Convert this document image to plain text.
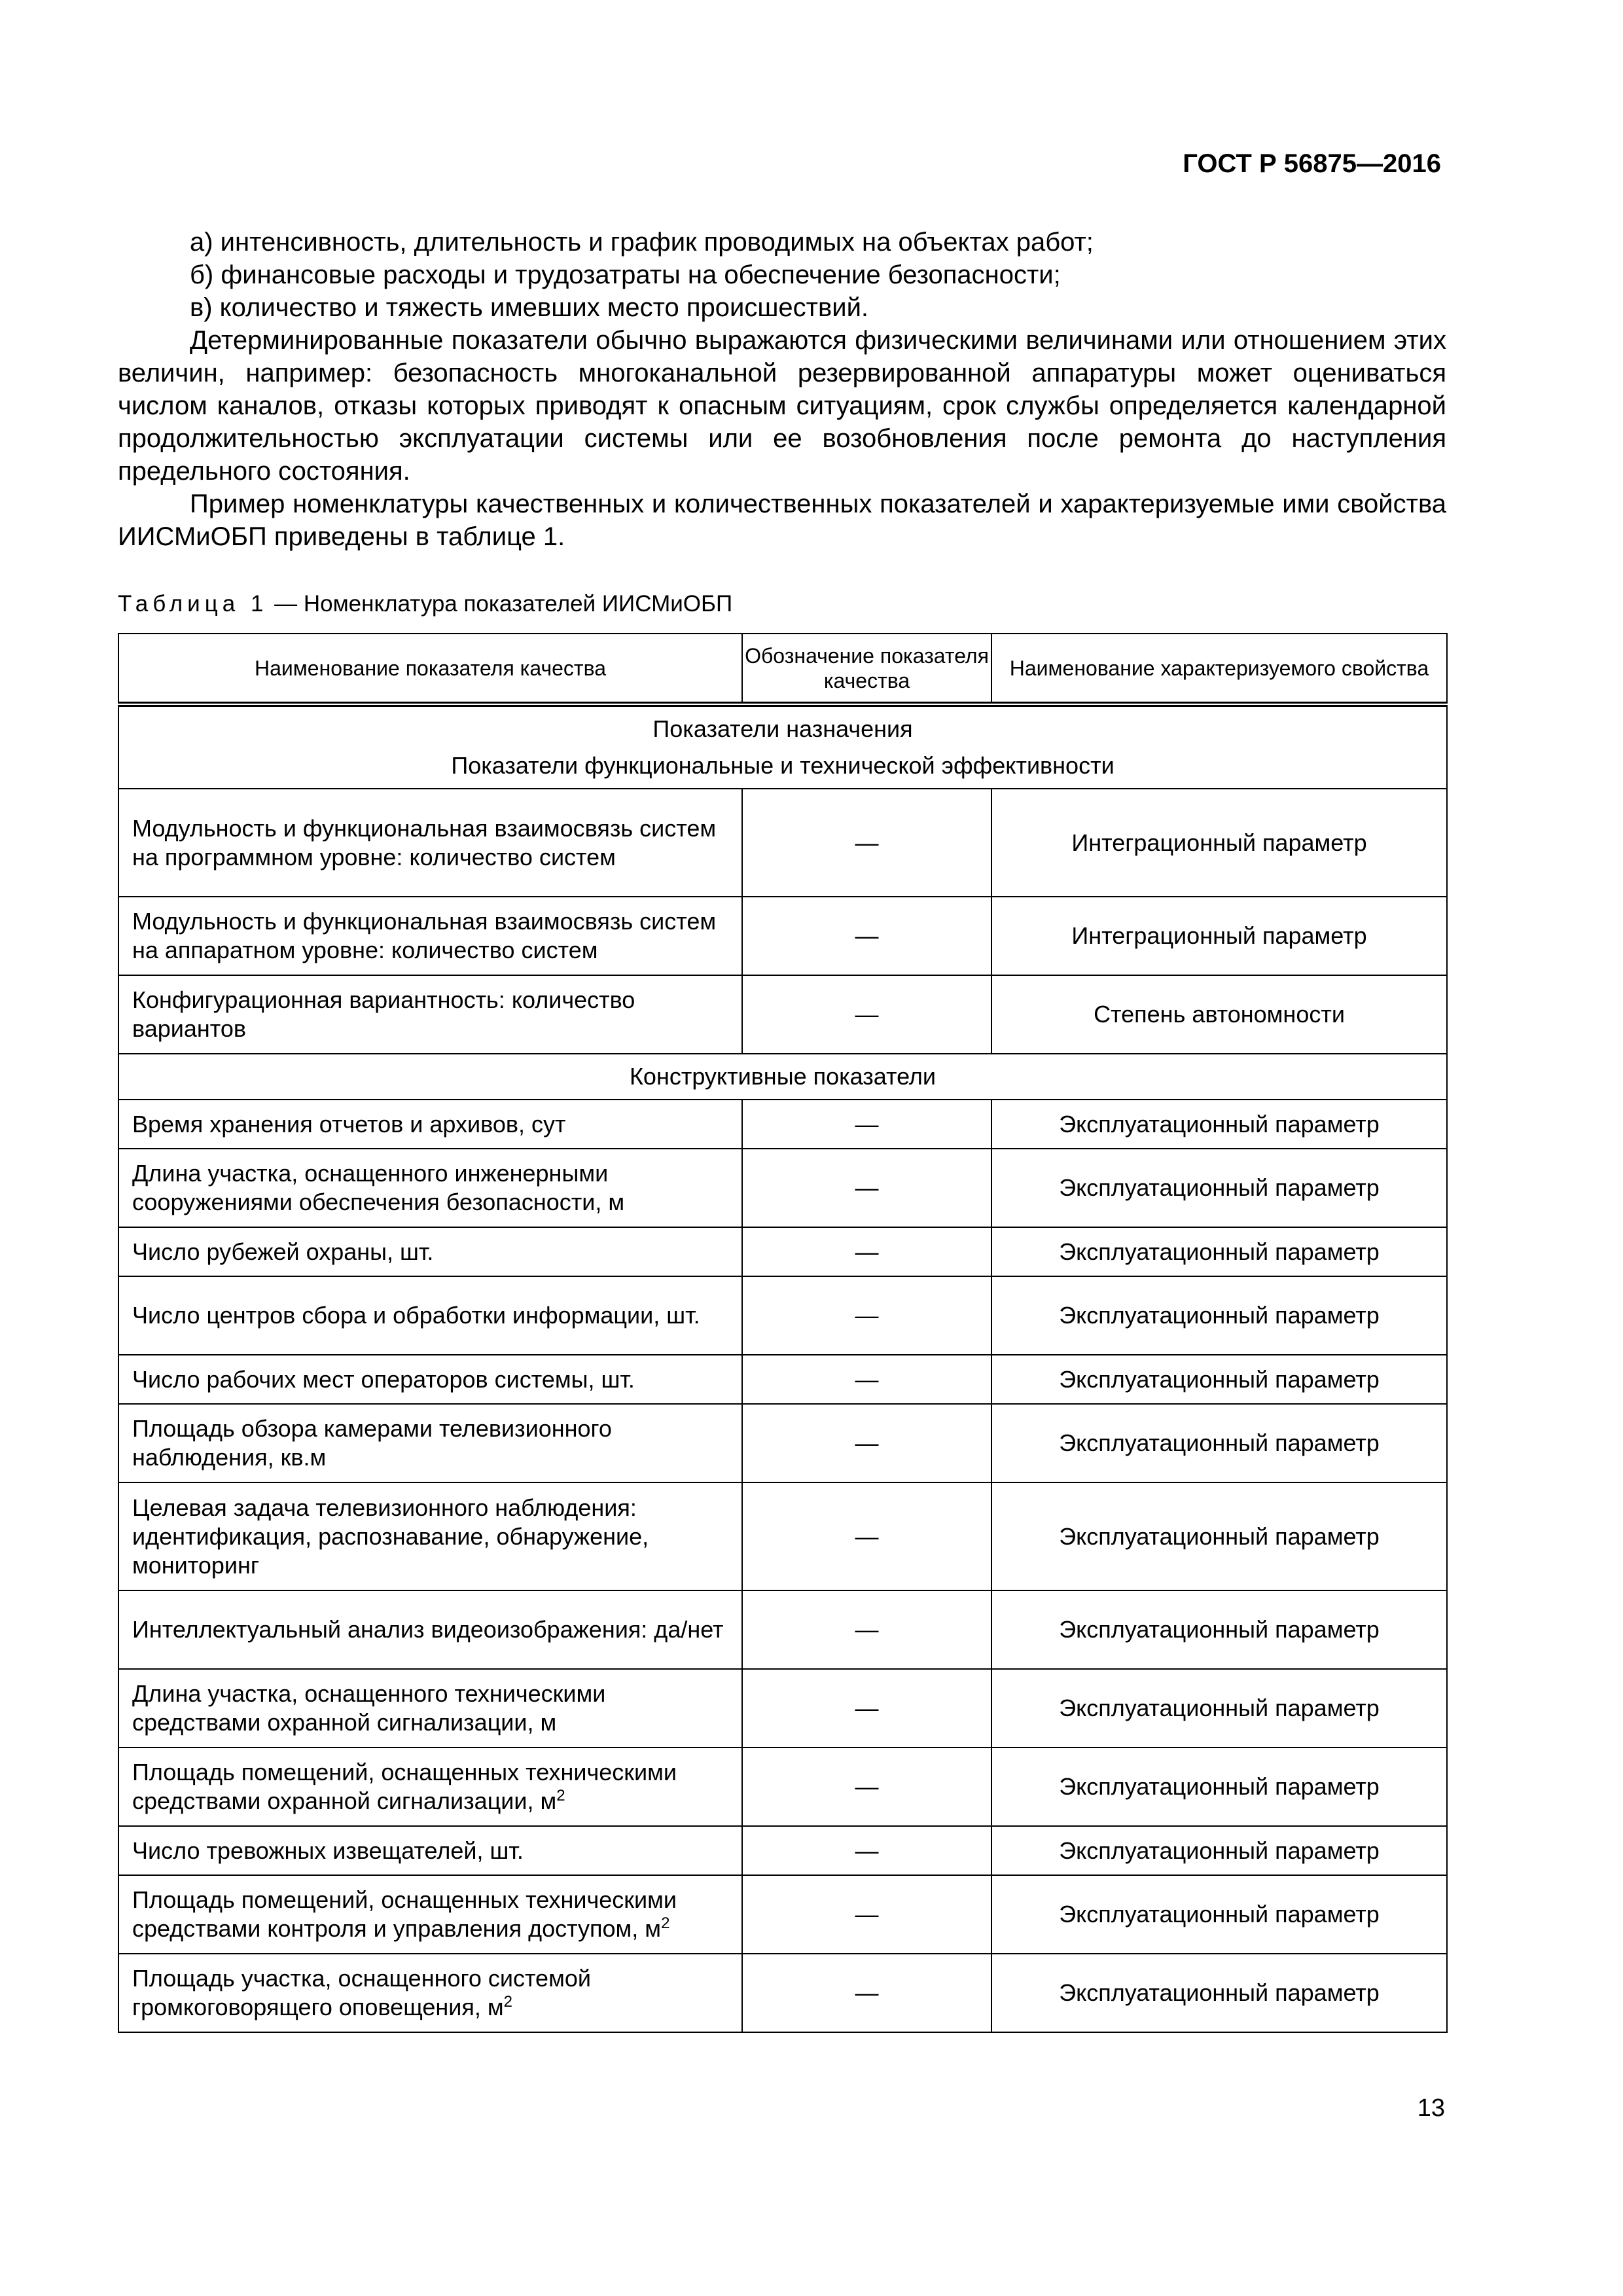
ГОСТ Р 56875—2016

а) интенсивность, длительность и график проводимых на объектах работ;

б) финансовые расходы и трудозатраты на обеспечение безопасности;

в) количество и тяжесть имевших место происшествий.

Детерминированные показатели обычно выражаются физическими величинами или отношением этих величин, например: безопасность многоканальной резервированной аппаратуры может оцениваться числом каналов, отказы которых приводят к опасным ситуациям, срок службы определяется календарной продолжительностью эксплуатации системы или ее возобновления после ремонта до наступления предельного состояния.

Пример номенклатуры качественных и количественных показателей и характеризуемые ими свойства ИИСМиОБП приведены в таблице 1.

Таблица 1 — Номенклатура показателей ИИСМиОБП
Наименование показателя качества	Обозначение показателя качества	Наименование характеризуемого свойства

Показатели назначения
Показатели функциональные и технической эффективности		

Модульность и функциональная взаимосвязь систем на программном уровне: количество систем	—	Интеграционный параметр
Модульность и функциональная взаимосвязь систем на аппаратном уровне: количество систем	—	Интеграционный параметр
Конфигурационная вариантность: количество вариантов	—	Степень автономности
Конструктивные показатели		
Время хранения отчетов и архивов, сут	—	Эксплуатационный параметр
Длина участка, оснащенного инженерными сооружениями обеспечения безопасности, м	—	Эксплуатационный параметр
Число рубежей охраны, шт.	—	Эксплуатационный параметр
Число центров сбора и обработки информации, шт.	—	Эксплуатационный параметр
Число рабочих мест операторов системы, шт.	—	Эксплуатационный параметр
Площадь обзора камерами телевизионного наблюдения, кв.м	—	Эксплуатационный параметр
Целевая задача телевизионного наблюдения: идентификация, распознавание, обнаружение, мониторинг	—	Эксплуатационный параметр
Интеллектуальный анализ видеоизображения: да/нет	—	Эксплуатационный параметр
Длина участка, оснащенного техническими средствами охранной сигнализации, м	—	Эксплуатационный параметр
Площадь помещений, оснащенных техническими средствами охранной сигнализации, $м^2$	—	Эксплуатационный параметр
Число тревожных извещателей, шт.	—	Эксплуатационный параметр
Площадь помещений, оснащенных техническими средствами контроля и управления доступом, $м^2$	—	Эксплуатационный параметр
Площадь участка, оснащенного системой громкоговорящего оповещения, $м^2$	—	Эксплуатационный параметр
13
